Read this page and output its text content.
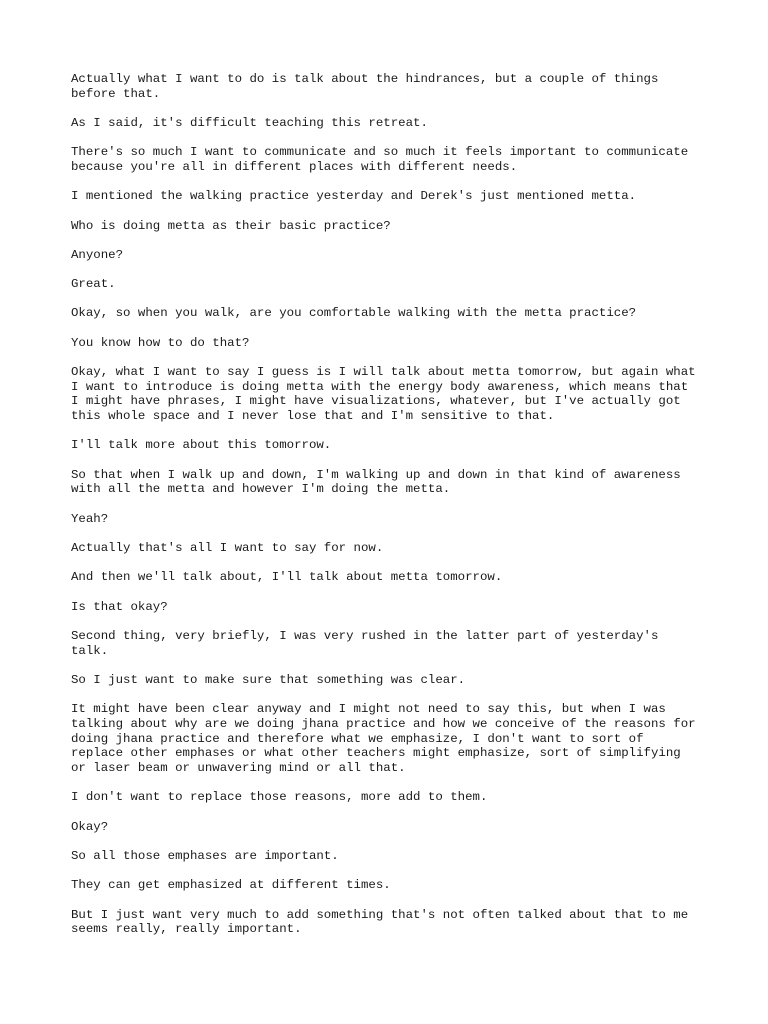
Actually what I want to do is talk about the hindrances, but a couple of things before that.

As I said, it's difficult teaching this retreat.

There's so much I want to communicate and so much it feels important to communicate because you're all in different places with different needs.

I mentioned the walking practice yesterday and Derek's just mentioned metta.

Who is doing metta as their basic practice?

Anyone?

Great.

Okay, so when you walk, are you comfortable walking with the metta practice?

You know how to do that?

Okay, what I want to say I guess is I will talk about metta tomorrow, but again what I want to introduce is doing metta with the energy body awareness, which means that I might have phrases, I might have visualizations, whatever, but I've actually got this whole space and I never lose that and I'm sensitive to that.

I'll talk more about this tomorrow.

So that when I walk up and down, I'm walking up and down in that kind of awareness with all the metta and however I'm doing the metta.

Yeah?

Actually that's all I want to say for now.

And then we'll talk about, I'll talk about metta tomorrow.

Is that okay?

Second thing, very briefly, I was very rushed in the latter part of yesterday's talk.

So I just want to make sure that something was clear.

It might have been clear anyway and I might not need to say this, but when I was talking about why are we doing jhana practice and how we conceive of the reasons for doing jhana practice and therefore what we emphasize, I don't want to sort of replace other emphases or what other teachers might emphasize, sort of simplifying or laser beam or unwavering mind or all that.

I don't want to replace those reasons, more add to them.

Okay?

So all those emphases are important.

They can get emphasized at different times.

But I just want very much to add something that's not often talked about that to me seems really, really important.
